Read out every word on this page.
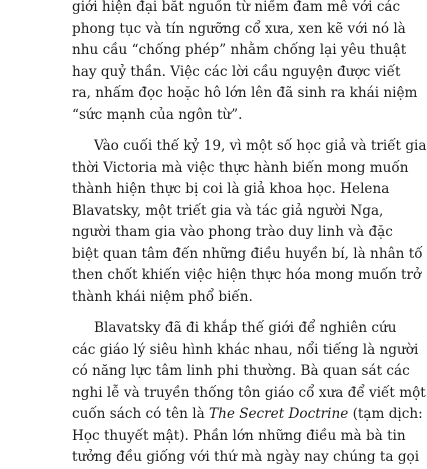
giới hiện đại bắt nguồn từ niềm đam mê với các
phong tục và tín ngưỡng cổ xưa, xen kẽ với nó là
nhu cầu “chống phép” nhằm chống lại yêu thuật
hay quỷ thần. Việc các lời cầu nguyện được viết
ra, nhấm đọc hoặc hô lớn lên đã sinh ra khái niệm
“sức mạnh của ngôn từ”.

Vào cuối thế kỷ 19, vì một số học giả và triết gia
thời Victoria mà việc thực hành biến mong muốn
thành hiện thực bị coi là giả khoa học. Helena
Blavatsky, một triết gia và tác giả người Nga,
người tham gia vào phong trào duy linh và đặc
biệt quan tâm đến những điều huyền bí, là nhân tố
then chốt khiến việc hiện thực hóa mong muốn trở
thành khái niệm phổ biến.

Blavatsky đã đi khắp thế giới để nghiên cứu
các giáo lý siêu hình khác nhau, nổi tiếng là người
có năng lực tâm linh phi thường. Bà quan sát các
nghi lễ và truyền thống tôn giáo cổ xưa để viết một
cuốn sách có tên là The Secret Doctrine (tạm dịch:
Học thuyết mật). Phần lớn những điều mà bà tin
tưởng đều giống với thứ mà ngày nay chúng ta gọi
